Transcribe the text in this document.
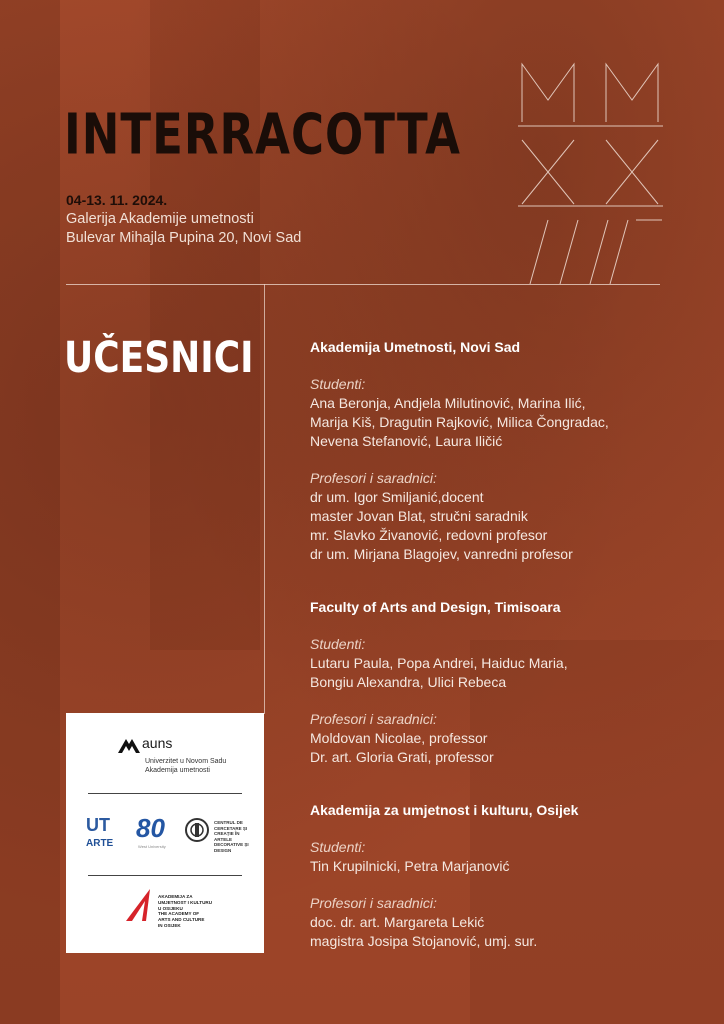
INTERRACOTTA
04-13. 11. 2024.
Galerija Akademije umetnosti
Bulevar Mihajla Pupina 20, Novi Sad
UČESNICI	Akademija Umetnosti, Novi Sad
Studenti:
Ana Beronja, Andjela Milutinović, Marina Ilić,
Marija Kiš, Dragutin Rajković, Milica Čongradac,
Nevena Stefanović, Laura Iličić
Profesori i saradnici:
dr um. Igor Smiljanić,docent
master Jovan Blat, stručni saradnik
mr. Slavko Živanović, redovni profesor
dr um. Mirjana Blagojev, vanredni profesor
Faculty of Arts and Design, Timisoara
Studenti:
Lutaru Paula, Popa Andrei, Haiduc Maria,
Bongiu Alexandra, Ulici Rebeca
Profesori i saradnici:
Moldovan Nicolae, professor
Dr. art. Gloria Grati, professor
Akademija za umjetnost i kulturu, Osijek
Studenti:
Tin Krupilnicki, Petra Marjanović
Profesori i saradnici:
doc. dr. art. Margareta Lekić
magistra Josipa Stojanović, umj. sur.
auns
Univerzitet u Novom Sadu
Akademija umetnosti
UT
ARTE
80
West University
CENTRUL DE
CERCETARE ȘI
CREAȚIE ÎN
ARTELE
DECORATIVE ȘI
DESIGN
AKADEMIJA ZA
UMJETNOST I KULTURU
U OSIJEKU
THE ACADEMY OF
ARTS AND CULTURE
IN OSIJEK
